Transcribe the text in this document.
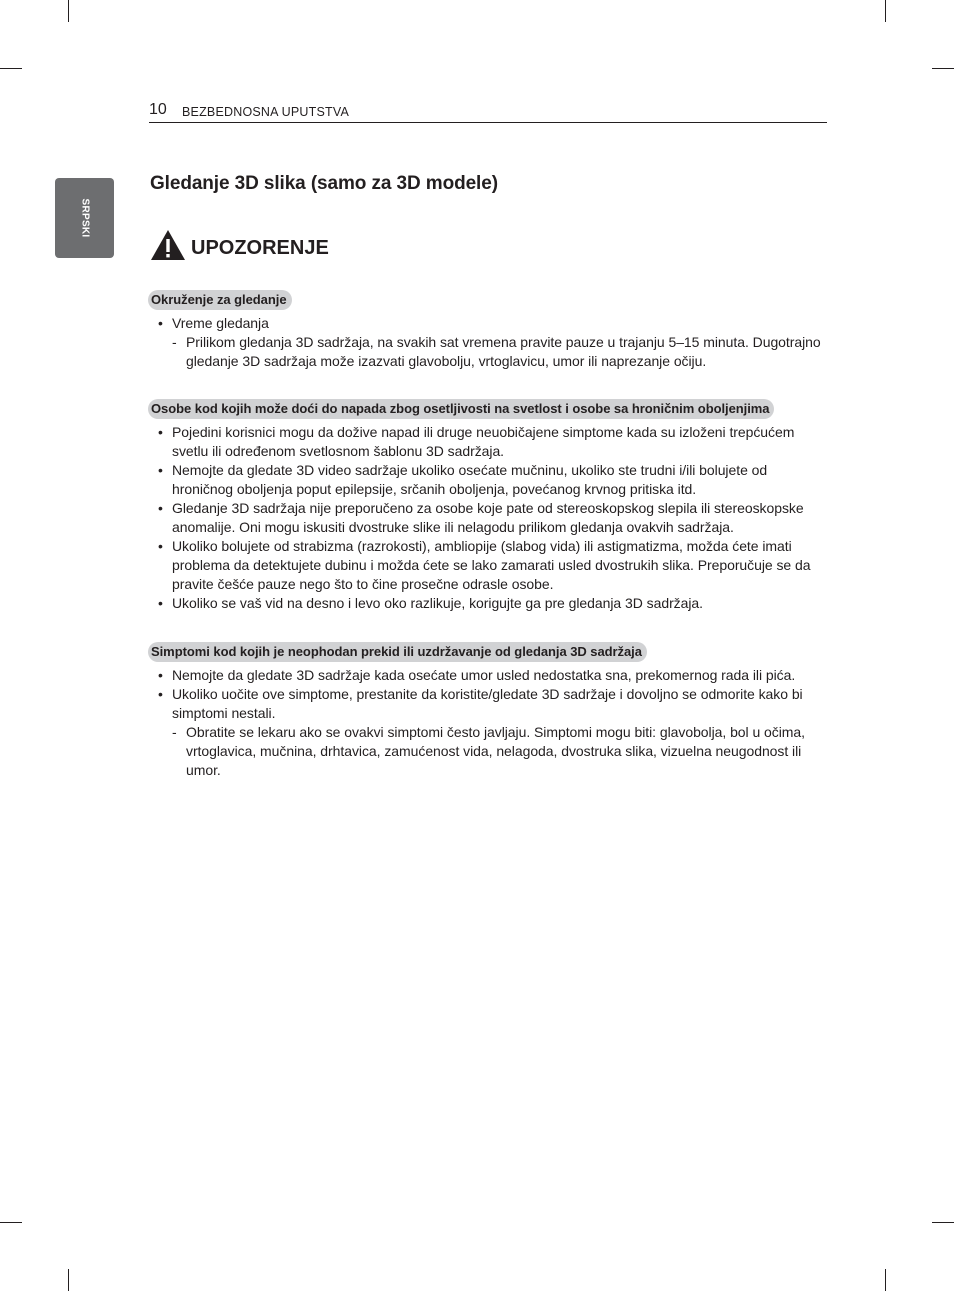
SRPSKI
10 BEZBEDNOSNA UPUTSTVA
Gledanje 3D slika (samo za 3D modele)
UPOZORENJE
Okruženje za gledanje
• Vreme gledanja
- Prilikom gledanja 3D sadržaja, na svakih sat vremena pravite pauze u trajanju 5–15 minuta. Dugotrajno gledanje 3D sadržaja može izazvati glavobolju, vrtoglavicu, umor ili naprezanje očiju.
Osobe kod kojih može doći do napada zbog osetljivosti na svetlost i osobe sa hroničnim oboljenjima
• Pojedini korisnici mogu da dožive napad ili druge neuobičajene simptome kada su izloženi trepćućem svetlu ili određenom svetlosnom šablonu 3D sadržaja.
• Nemojte da gledate 3D video sadržaje ukoliko osećate mučninu, ukoliko ste trudni i/ili bolujete od hroničnog oboljenja poput epilepsije, srčanih oboljenja, povećanog krvnog pritiska itd.
• Gledanje 3D sadržaja nije preporučeno za osobe koje pate od stereoskopskog slepila ili stereoskopske anomalije. Oni mogu iskusiti dvostruke slike ili nelagodu prilikom gledanja ovakvih sadržaja.
• Ukoliko bolujete od strabizma (razrokosti), ambliopije (slabog vida) ili astigmatizma, možda ćete imati problema da detektujete dubinu i možda ćete se lako zamarati usled dvostrukih slika. Preporučuje se da pravite češće pauze nego što to čine prosečne odrasle osobe.
• Ukoliko se vaš vid na desno i levo oko razlikuje, korigujte ga pre gledanja 3D sadržaja.
Simptomi kod kojih je neophodan prekid ili uzdržavanje od gledanja 3D sadržaja
• Nemojte da gledate 3D sadržaje kada osećate umor usled nedostatka sna, prekomernog rada ili pića.
• Ukoliko uočite ove simptome, prestanite da koristite/gledate 3D sadržaje i dovoljno se odmorite kako bi simptomi nestali.
- Obratite se lekaru ako se ovakvi simptomi često javljaju. Simptomi mogu biti: glavobolja, bol u očima, vrtoglavica, mučnina, drhtavica, zamućenost vida, nelagoda, dvostruka slika, vizuelna neugodnost ili umor.
